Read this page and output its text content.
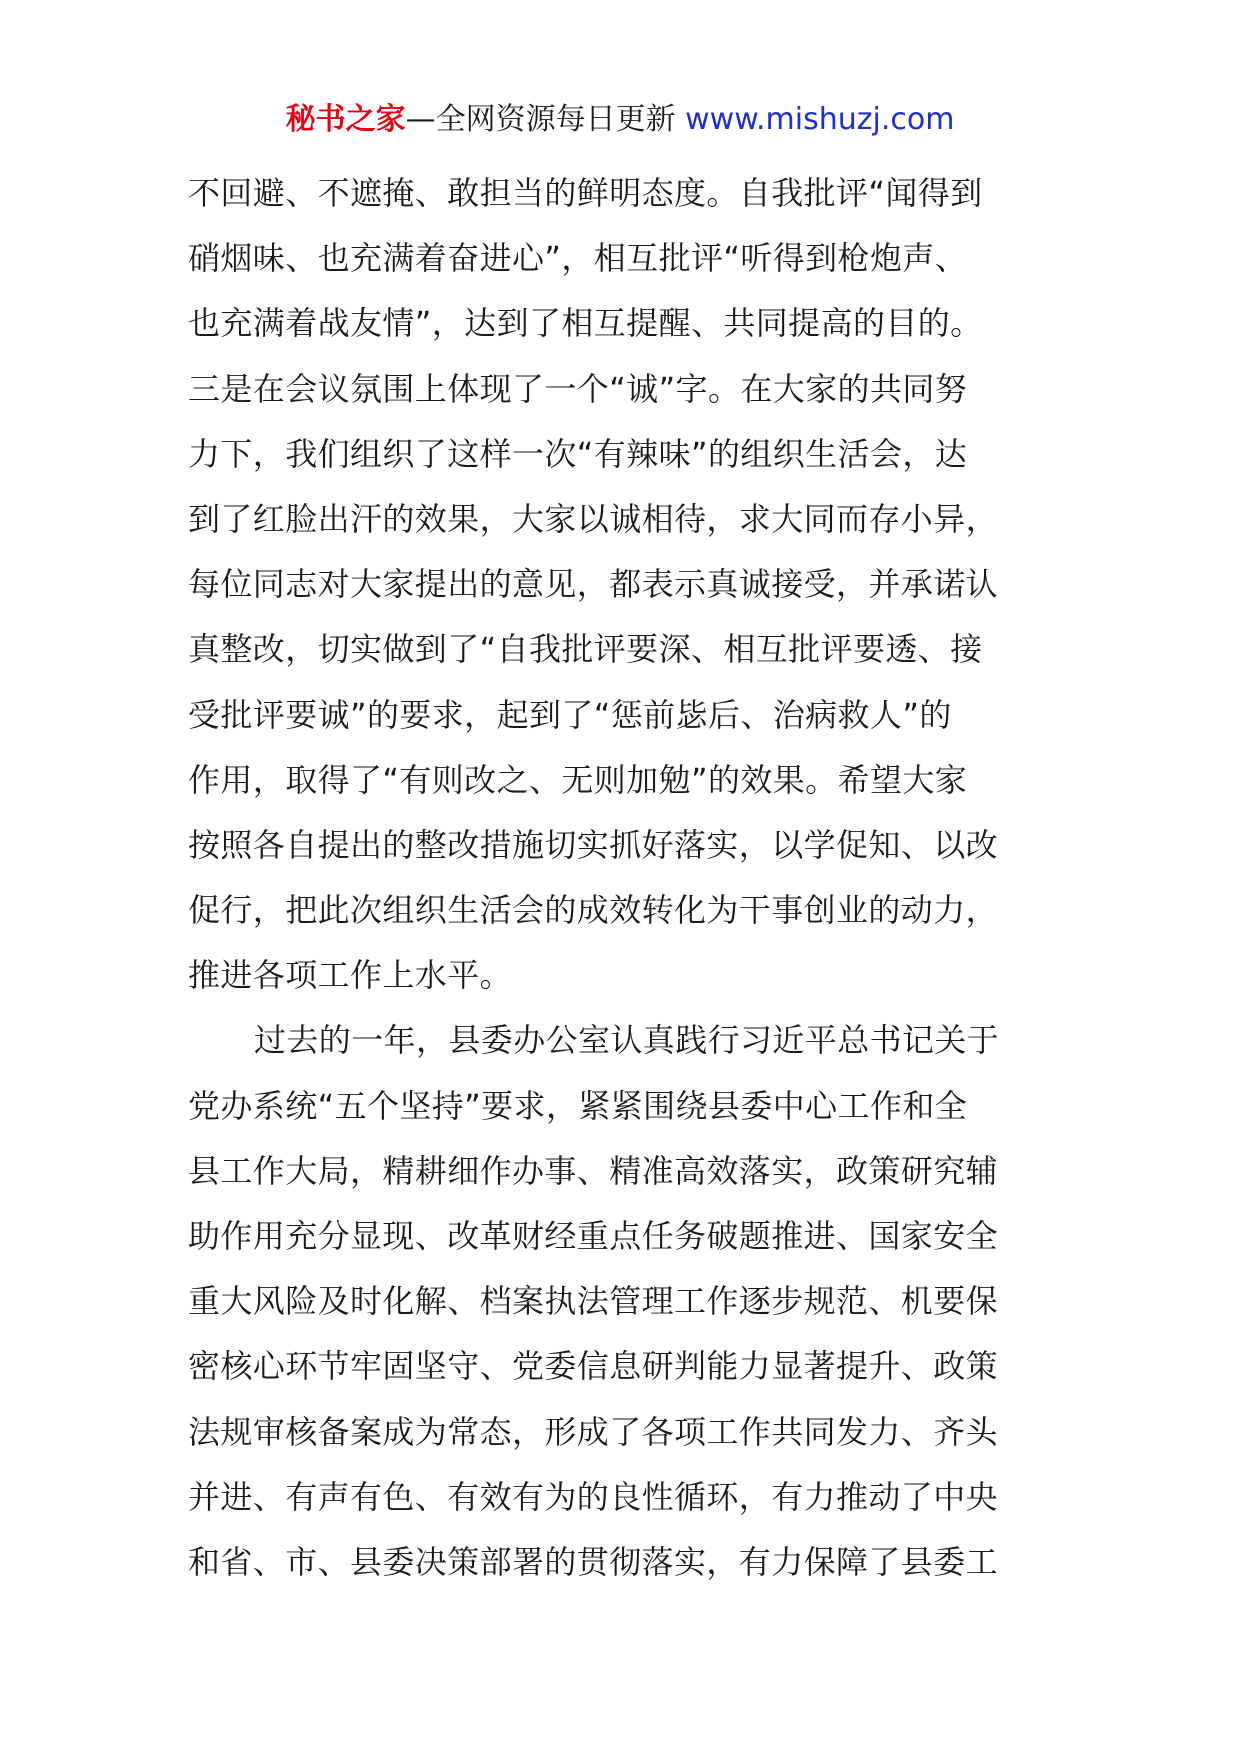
秘书之家—全网资源每日更新 www.mishuzj.com
不回避、不遮掩、敢担当的鲜明态度。自我批评“闻得到
硝烟味、也充满着奋进心”，相互批评“听得到枪炮声、
也充满着战友情”，达到了相互提醒、共同提高的目的。
三是在会议氛围上体现了一个“诚”字。在大家的共同努
力下，我们组织了这样一次“有辣味”的组织生活会，达
到了红脸出汗的效果，大家以诚相待，求大同而存小异，
每位同志对大家提出的意见，都表示真诚接受，并承诺认
真整改，切实做到了“自我批评要深、相互批评要透、接
受批评要诚”的要求，起到了“惩前毖后、治病救人”的
作用，取得了“有则改之、无则加勉”的效果。希望大家
按照各自提出的整改措施切实抓好落实，以学促知、以改
促行，把此次组织生活会的成效转化为干事创业的动力，
推进各项工作上水平。
过去的一年，县委办公室认真践行习近平总书记关于
党办系统“五个坚持”要求，紧紧围绕县委中心工作和全
县工作大局，精耕细作办事、精准高效落实，政策研究辅
助作用充分显现、改革财经重点任务破题推进、国家安全
重大风险及时化解、档案执法管理工作逐步规范、机要保
密核心环节牢固坚守、党委信息研判能力显著提升、政策
法规审核备案成为常态，形成了各项工作共同发力、齐头
并进、有声有色、有效有为的良性循环，有力推动了中央
和省、市、县委决策部署的贯彻落实，有力保障了县委工
